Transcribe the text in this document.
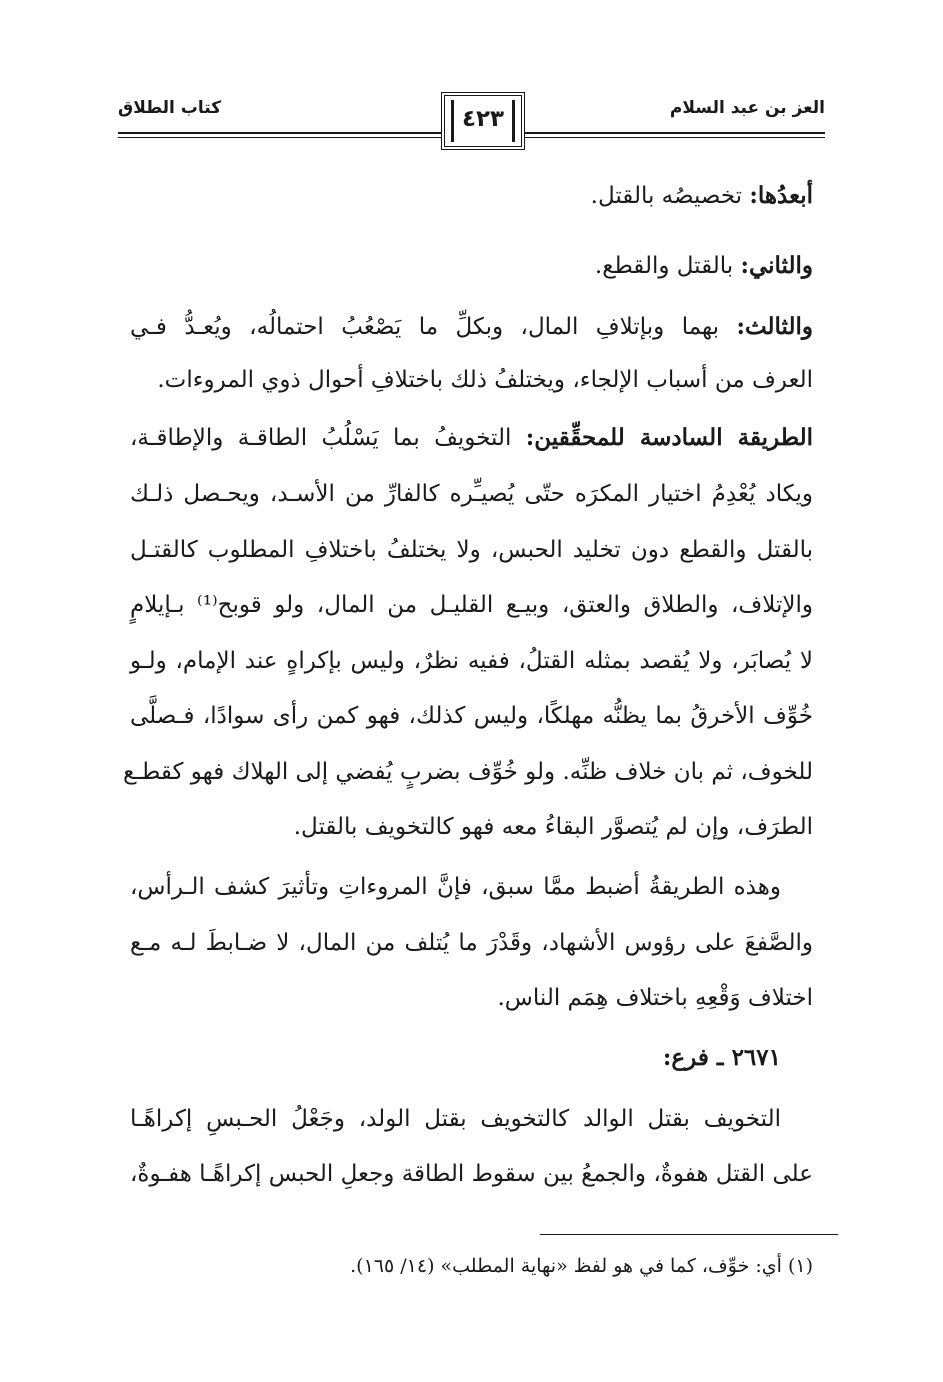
كتاب الطلاق	العز بن عبد السلام
٤٢٣
أبعدُها: تخصيصُه بالقتل.
والثاني: بالقتل والقطع.
والثالث: بهما وبإتلافِ المال، وبكلِّ ما يَصْعُبُ احتمالُه، ويُعـدُّ فـي
العرف من أسباب الإلجاء، ويختلفُ ذلك باختلافِ أحوال ذوي المروءات.
الطريقة السادسة للمحقِّقين: التخويفُ بما يَسْلُبُ الطاقـة والإطاقـة،
ويكاد يُعْدِمُ اختيار المكرَه حتّى يُصيـِّره كالفارِّ من الأسـد، ويحـصل ذلـك
بالقتل والقطع دون تخليد الحبس، ولا يختلفُ باختلافِ المطلوب كالقتـل
والإتلاف، والطلاق والعتق، وبيـع القليـل من المال، ولو قوبح⁽¹⁾ بـإيلامٍ
لا يُصابَر، ولا يُقصد بمثله القتلُ، ففيه نظرٌ، وليس بإكراهٍ عند الإمام، ولـو
خُوِّف الأخرقُ بما يظنُّه مهلكًا، وليس كذلك، فهو كمن رأى سوادًا، فـصلَّى
للخوف، ثم بان خلاف ظنِّه. ولو خُوِّف بضربٍ يُفضي إلى الهلاك فهو كقطـع
الطرَف، وإن لم يُتصوَّر البقاءُ معه فهو كالتخويف بالقتل.
وهذه الطريقةُ أضبط ممَّا سبق، فإنَّ المروءاتِ وتأثيرَ كشف الـرأس،
والصَّفعَ على رؤوس الأشهاد، وقَدْرَ ما يُتلف من المال، لا ضـابطَ لـه مـع
اختلاف وَقْعِهِ باختلاف هِمَم الناس.
٢٦٧١ ـ فرع:
التخويف بقتل الوالد كالتخويف بقتل الولد، وجَعْلُ الحـبسِ إكراهًـا
على القتل هفوةٌ، والجمعُ بين سقوط الطاقة وجعلِ الحبس إكراهًـا هفـوةٌ،
(١) أي: خوِّف، كما في هو لفظ «نهاية المطلب» (١٤/ ١٦٥).
